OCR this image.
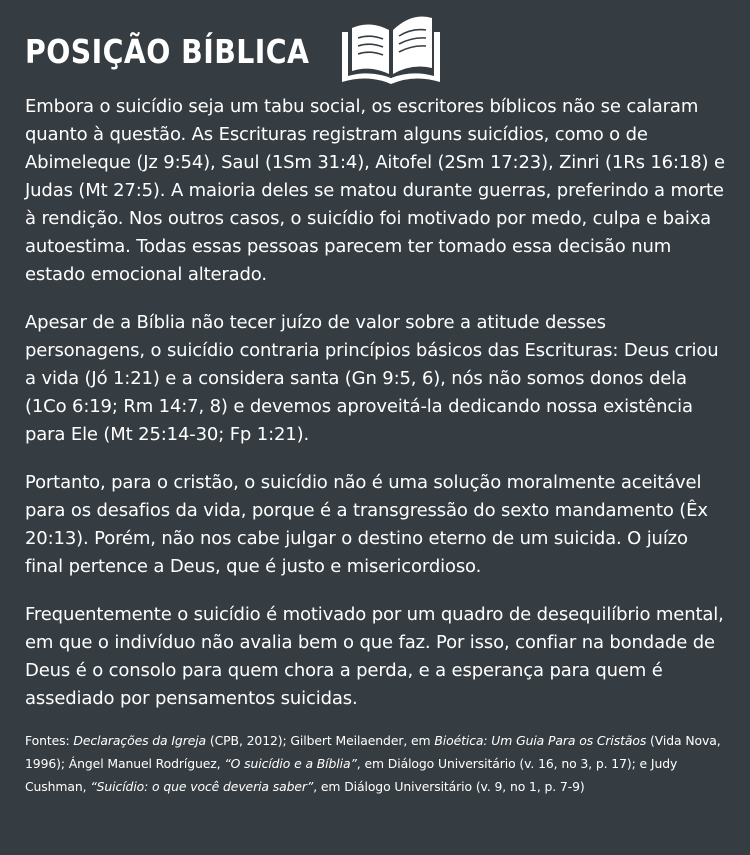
POSIÇÃO BÍBLICA

Embora o suicídio seja um tabu social, os escritores bíblicos não se calaram quanto à questão. As Escrituras registram alguns suicídios, como o de Abimeleque (Jz 9:54), Saul (1Sm 31:4), Aitofel (2Sm 17:23), Zinri (1Rs 16:18) e Judas (Mt 27:5). A maioria deles se matou durante guerras, preferindo a morte à rendição. Nos outros casos, o suicídio foi motivado por medo, culpa e baixa autoestima. Todas essas pessoas parecem ter tomado essa decisão num estado emocional alterado.

Apesar de a Bíblia não tecer juízo de valor sobre a atitude desses personagens, o suicídio contraria princípios básicos das Escrituras: Deus criou a vida (Jó 1:21) e a considera santa (Gn 9:5, 6), nós não somos donos dela (1Co 6:19; Rm 14:7, 8) e devemos aproveitá-la dedicando nossa existência para Ele (Mt 25:14-30; Fp 1:21).

Portanto, para o cristão, o suicídio não é uma solução moralmente aceitável para os desafios da vida, porque é a transgressão do sexto mandamento (Êx 20:13). Porém, não nos cabe julgar o destino eterno de um suicida. O juízo final pertence a Deus, que é justo e misericordioso.

Frequentemente o suicídio é motivado por um quadro de desequilíbrio mental, em que o indivíduo não avalia bem o que faz. Por isso, confiar na bondade de Deus é o consolo para quem chora a perda, e a esperança para quem é assediado por pensamentos suicidas.

Fontes: Declarações da Igreja (CPB, 2012); Gilbert Meilaender, em Bioética: Um Guia Para os Cristãos (Vida Nova, 1996); Ángel Manuel Rodríguez, “O suicídio e a Bíblia”, em Diálogo Universitário (v. 16, no 3, p. 17); e Judy Cushman, “Suicídio: o que você deveria saber”, em Diálogo Universitário (v. 9, no 1, p. 7-9)
